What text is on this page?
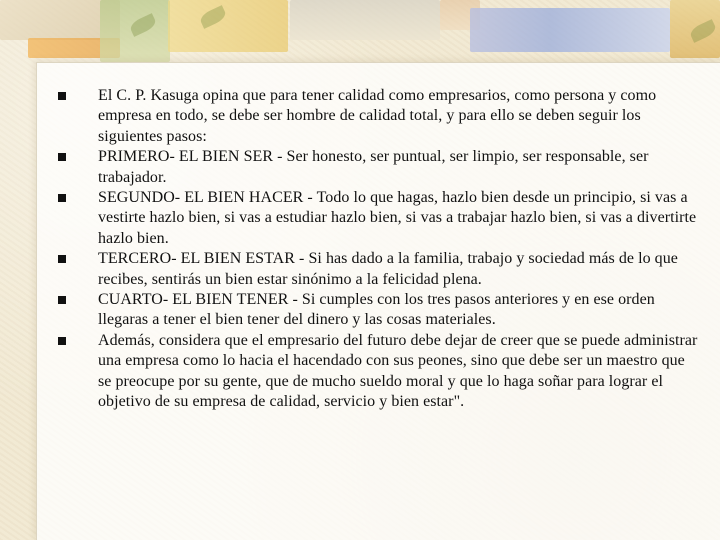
El C. P. Kasuga opina que para tener calidad como empresarios, como persona y como empresa en todo, se debe ser hombre de calidad total, y para ello se deben seguir los siguientes pasos:
PRIMERO- EL BIEN SER - Ser honesto, ser puntual, ser limpio, ser responsable, ser trabajador.
SEGUNDO- EL BIEN HACER - Todo lo que hagas, hazlo bien desde un principio, si vas a vestirte hazlo bien, si vas a estudiar hazlo bien, si vas a trabajar hazlo bien, si vas a divertirte hazlo bien.
TERCERO- EL BIEN ESTAR - Si has dado a la familia, trabajo y sociedad más de lo que recibes, sentirás un bien estar sinónimo a la felicidad plena.
CUARTO- EL BIEN TENER - Si cumples con los tres pasos anteriores y en ese orden llegaras a tener el bien tener del dinero y las cosas materiales.
Además, considera que el empresario del futuro debe dejar de creer que se puede administrar una empresa como lo hacia el hacendado con sus peones, sino que debe ser un maestro que se preocupe por su gente, que de mucho sueldo moral y que lo haga soñar para lograr el objetivo de su empresa de calidad, servicio y bien estar".
